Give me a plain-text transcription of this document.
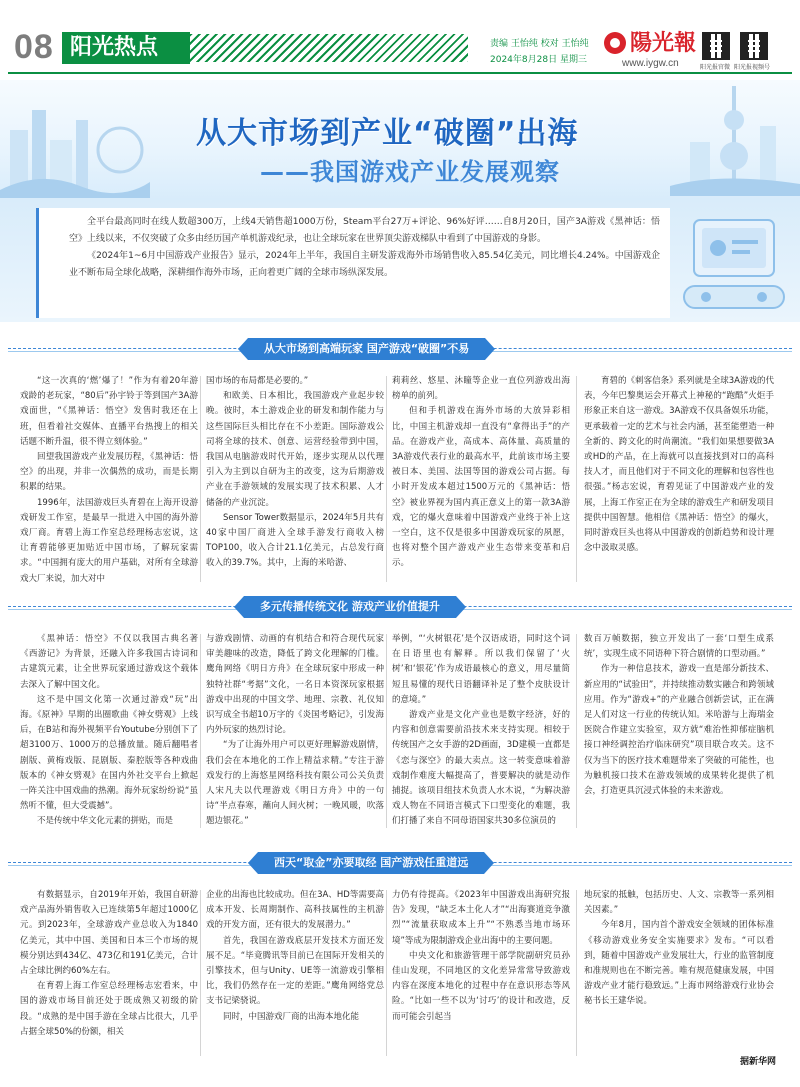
08 阳光热点	责编 王怡纯 校对 王怡纯
2024年8月28日 星期三
陽光報
www.iygw.cn	阳光报官微 阳光报视频号
从大市场到产业“破圈”出海
——我国游戏产业发展观察

全平台最高同时在线人数超300万，上线4天销售超1000万份，Steam平台27万+评论、96%好评……自8月20日，国产3A游戏《黑神话：悟空》上线以来，不仅突破了众多由经历国产单机游戏纪录，也让全球玩家在世界顶尖游戏梯队中看到了中国游戏的身影。

《2024年1~6月中国游戏产业报告》显示，2024年上半年，我国自主研发游戏海外市场销售收入85.54亿美元，同比增长4.24%。中国游戏企业不断布局全球化战略，深耕细作海外市场，正向着更广阔的全球市场纵深发展。

从大市场到高端玩家 国产游戏“破圈”不易

“这一次真的‘燃’爆了！”作为有着20年游戏龄的老玩家，“80后”孙宇铃于等到国产3A游戏面世，“《黑神话：悟空》发售时我还在上班，但看着社交媒体、直播平台热搜上的相关话题不断升温，很不得立刻体验。”

回望我国游戏产业发展历程，《黑神话：悟空》的出现，并非一次偶然的成功，而是长期积累的结果。

1996年，法国游戏巨头育碧在上海开设游戏研发工作室，是最早一批进入中国的海外游戏厂商。育碧上海工作室总经理杨志宏说，这让育碧能够更加贴近中国市场，了解玩家需求。“中国拥有庞大的用户基础，对所有全球游戏大厂来说，加大对中

国市场的布局都是必要的。”

和欧美、日本相比，我国游戏产业起步较晚。彼时，本土游戏企业的研发和制作能力与这些国际巨头相比存在不小差距。国际游戏公司将全球的技术、创意、运营经验带到中国，我国从电脑游戏时代开始，逐步实现从以代理引入为主到以自研为主的改变，这为后期游戏产业在手游领域的发展实现了技术积累、人才储备的产业沉淀。

Sensor Tower数据显示，2024年5月共有40家中国厂商进入全球手游发行商收入榜TOP100，收入合计21.1亿美元，占总发行商收入的39.7%。其中，上海的米哈游、

莉莉丝、悠星、沐瞳等企业一直位列游戏出海榜单的前列。

但和手机游戏在海外市场的大放异彩相比，中国主机游戏却一直没有“拿得出手”的产品。在游戏产业，高成本、高体量、高质量的3A游戏代表行业的最高水平，此前该市场主要被日本、美国、法国等国的游戏公司占据。每小时开发成本超过1500万元的《黑神话：悟空》被业界视为国内真正意义上的第一款3A游戏，它的爆火意味着中国游戏产业终于补上这一空白，这不仅是很多中国游戏玩家的夙愿，也将对整个国产游戏产业生态带来变革和启示。

育碧的《刺客信条》系列就是全球3A游戏的代表，今年巴黎奥运会开幕式上神秘的“跑酷”火炬手形象正来自这一游戏。3A游戏不仅具备娱乐功能，更承载着一定的艺术与社会内涵，甚至能塑造一种全新的、跨文化的时尚潮流。“我们如果想要做3A或HD的产品，在上海就可以直接找到对口的高科技人才，而且他们对于不同文化的理解和包容性也很强。”杨志宏说，育碧见证了中国游戏产业的发展，上海工作室正在为全球的游戏生产和研发项目提供中国智慧。他相信《黑神话：悟空》的爆火，同时游戏巨头也将从中国游戏的创新趋势和设计理念中汲取灵感。

多元传播传统文化 游戏产业价值提升

《黑神话：悟空》不仅以我国古典名著《西游记》为背景，还融入许多我国古诗词和古建筑元素，让全世界玩家通过游戏这个载体去深入了解中国文化。

这不是中国文化第一次通过游戏“玩”出海。《原神》早期的出圈歌曲《神女劈观》上线后，在B站和海外视频平台Youtube分别创下了超3100万、1000万的总播放量。随后翻唱者剧版、黄梅戏版、昆剧版、秦腔版等各种戏曲版本的《神女劈观》在国内外社交平台上掀起一阵关注中国戏曲的热潮。海外玩家纷纷说“虽然听不懂，但大受震撼”。

不是传统中华文化元素的拼贴，而是

与游戏剧情、动画的有机结合和符合现代玩家审美趣味的改造，降低了跨文化理解的门槛。鹰角网络《明日方舟》在全球玩家中形成一种独特社群“考据”文化，一名日本资深玩家根据游戏中出现的中国文学、地理、宗教、礼仪知识写成全书超10万字的《炎国考略记》，引发海内外玩家的热烈讨论。

“为了让海外用户可以更好理解游戏剧情，我们会在本地化的工作上精益求精。”专注于游戏发行的上海悠星网络科技有限公司公关负责人宋凡夫以代理游戏《明日方舟》中的一句诗“半点春寒，蘸向人间火树；一晚风暖，吹落题边银花。”

举例，“‘火树银花’是个汉语成语，同时这个词在日语里也有解释。所以我们保留了‘火树’和‘银花’作为成语最核心的意义，用尽量简短且易懂的现代日语翻译补足了整个皮肤设计的意境。”

游戏产业是文化产业也是数字经济，好的内容和创意需要前沿技术来支持实现。相较于传统国产之女手游的2D画面，3D建模一直都是《恋与深空》的最大卖点。这一转变意味着游戏制作难度大幅提高了，普要解决的就是动作捕捉。该项目组技术负责人水木说，“为解决游戏人物在不同语言模式下口型变化的难题，我们打播了来自不同母语国家共30多位演员的

数百万帧数据，独立开发出了一套‘口型生成系统’，实现生成不同语种下符合剧情的口型动画。”

作为一种信息技术，游戏一直是部分新技术、新应用的“试验田”，并持续推动数实融合和跨领域应用。作为“游戏+”的产业融合创新尝试，正在满足人们对这一行业的传统认知。米哈游与上海瑞金医院合作建立实验室，双方就“难治性抑郁症脑机接口神经调控治疗临床研究”项目联合攻关。这不仅为当下的医疗技术难题带来了突破的可能性，也为触机接口技术在游戏领域的成果转化提供了机会，打造更具沉浸式体验的未来游戏。

西天“取金”亦要取经 国产游戏任重道远

有数据显示，自2019年开始，我国自研游戏产品海外销售收入已连续第5年超过1000亿元。到2023年，全球游戏产业总收入为1840亿美元，其中中国、美国和日本三个市场的规模分别达到434亿、473亿和191亿美元，合计占全球比例约60%左右。

在育碧上海工作室总经理杨志宏看来，中国的游戏市场目前还处于既成熟又初级的阶段。“成熟的是中国手游在全球占比很大，几乎占据全球50%的份额，相关

企业的出海也比较成功。但在3A、HD等需要高成本开发、长周期制作、高科技属性的主机游戏的开发方面，还有很大的发展潜力。”

首先，我国在游戏底层开发技术方面还发展不足。“毕竟腾讯等目前已在国际开发相关的引擎技术，但与Unity、UE等一流游戏引擎相比，我们仍然存在一定的差距。”鹰角网络党总支书记梁骁说。

同时，中国游戏厂商的出海本地化能

力仍有待提高。《2023年中国游戏出海研究报告》发现，“缺乏本土化人才”“出海赛道竞争激烈”“流量获取成本上升”“不熟悉当地市场环境”等成为限制游戏企业出海中的主要问题。

中央文化和旅游管理干部学院副研究员孙佳山发现，不同地区的文化差异常常导致游戏内容在深度本地化的过程中存在意识形态等风险。“比如一些不以为‘讨巧’的设计和改造，反而可能会引起当

地玩家的抵触，包括历史、人文、宗教等一系列相关因素。”

今年8月，国内首个游戏安全领域的团体标准《移动游戏业务安全实施要求》发布。“可以看到，随着中国游戏产业发展壮大，行业的监管制度和准规则也在不断完善。唯有规范健康发展，中国游戏产业才能行稳致远。”上海市网络游戏行业协会秘书长王建华说。

据新华网
